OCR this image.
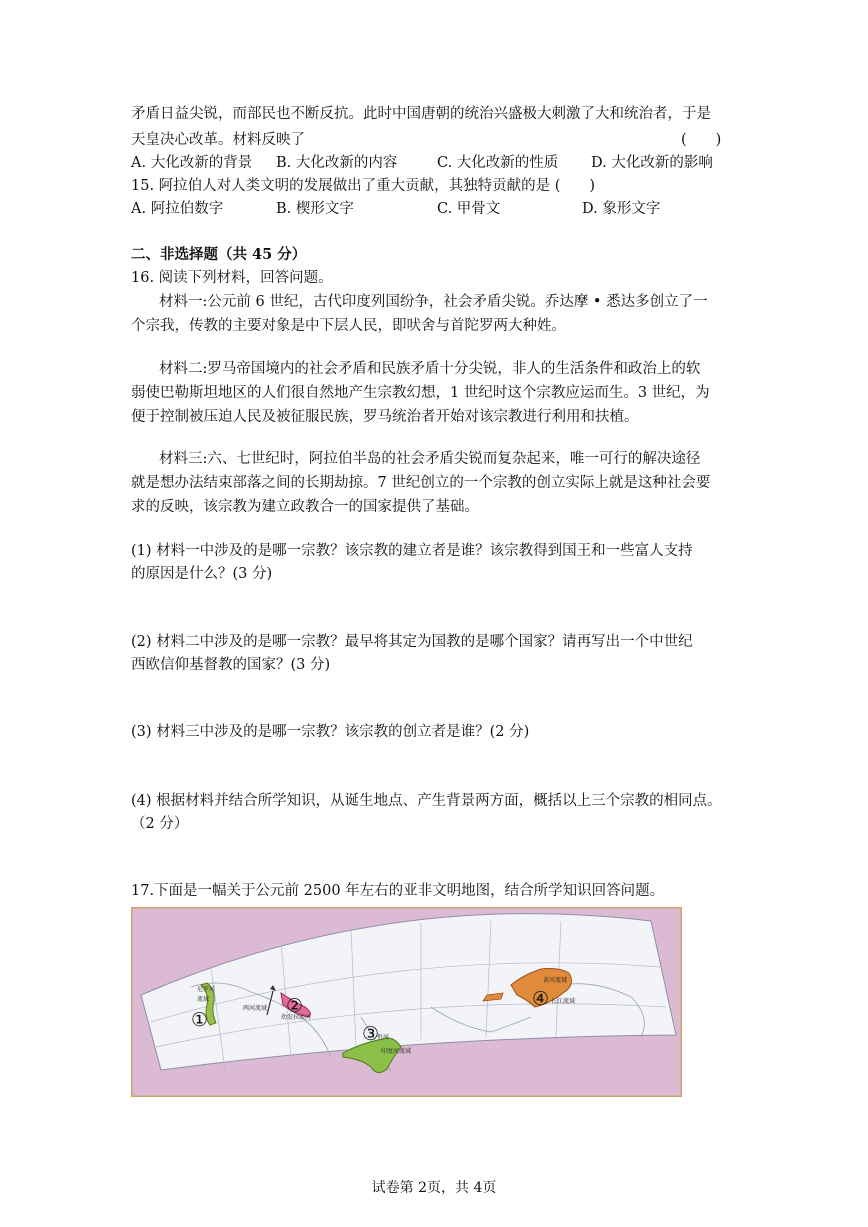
矛盾日益尖锐，而部民也不断反抗。此时中国唐朝的统治兴盛极大刺激了大和统治者，于是
天皇决心改革。材料反映了	(　　)
A. 大化改新的背景 B. 大化改新的内容	C. 大化改新的性质 D. 大化改新的影响
15. 阿拉伯人对人类文明的发展做出了重大贡献，其独特贡献的是 (　　)
A. 阿拉伯数字	B. 楔形文字	C. 甲骨文	D. 象形文字
二、非选择题（共 45 分）
16. 阅读下列材料，回答问题。
材料一:公元前 6 世纪，古代印度列国纷争，社会矛盾尖锐。乔达摩 • 悉达多创立了一
个宗我，传教的主要对象是中下层人民，即吠舍与首陀罗两大种姓。
材料二:罗马帝国境内的社会矛盾和民族矛盾十分尖锐，非人的生活条件和政治上的软
弱使巴勒斯坦地区的人们很自然地产生宗教幻想，1 世纪时这个宗教应运而生。3 世纪，为
便于控制被压迫人民及被征服民族，罗马统治者开始对该宗教进行利用和扶植。
材料三:六、七世纪时，阿拉伯半岛的社会矛盾尖锐而复杂起来，唯一可行的解决途径
就是想办法结束部落之间的长期劫掠。7 世纪创立的一个宗教的创立实际上就是这种社会要
求的反映，该宗教为建立政教合一的国家提供了基础。
(1) 材料一中涉及的是哪一宗教？该宗教的建立者是谁？该宗教得到国王和一些富人支持
的原因是什么？(3 分)
(2) 材料二中涉及的是哪一宗教？最早将其定为国教的是哪个国家？请再写出一个中世纪
西欧信仰基督教的国家？(3 分)
(3) 材料三中涉及的是哪一宗教？该宗教的创立者是谁？(2 分)
(4) 根据材料并结合所学知识，从诞生地点、产生背景两方面，概括以上三个宗教的相同点。
（2 分）
17.下面是一幅关于公元前 2500 年左右的亚非文明地图，结合所学知识回答问题。
尼罗河
流域
两河流域
幼发拉底河
恒河
印度河流域
黄河流域
长江流域
①
②
③
④
试卷第 2页，共 4页
